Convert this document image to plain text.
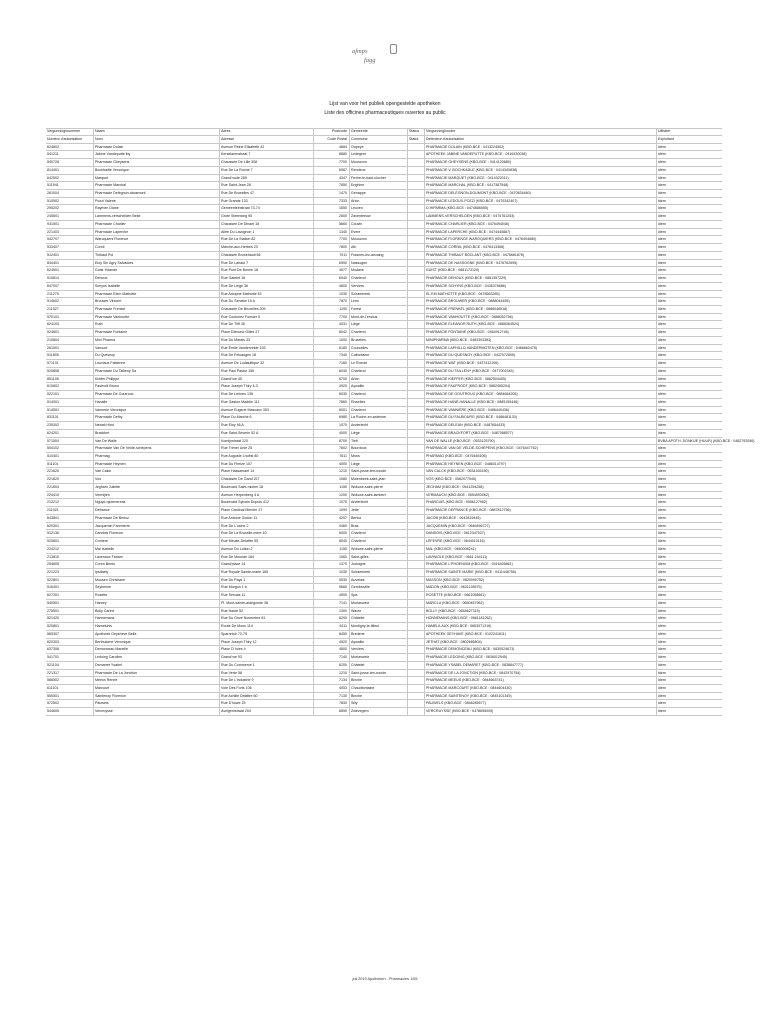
afmps
fagg
Lijst van voor het publiek opengestelde apotheken
Liste des officines pharmaceutiques ouvertes au public
Vergunningsnummer	Naam	Adres	Postcode	Gemeente	Status	Vergunninghouder	Uitbater
Numéro d'autorisation	Nom	Adresse	Code Postal	Commune	Statut	Détenteur d'autorisation	Exploitant
624802	Pharmacie Dolain	Avenue Reine Elisabeth 42	4684	Oupeye	PHARMACIE DOLAIN (KBO-BCE : 0413224502)	idem
541211	Jabine Vandeputte lby	Kerselarenstraat 7	8880	Ledegem	APOTHEEK JABINE VANDEPUTTE (KBO-BCE : 0416430038)	idem
540726	Pharmacie Gheysens	Chaussée De Lille 308	7700	Mouscron	PHARMACIE GHEYSENS (KBO-BCE : 0414120880)	idem
814401	Bochkadle Veronique	Rue De La Roche 7	6987	Rendeux	PHARMACIE V. BOCHKADLE (KBO-BCE : 0414340838)	idem
642502	Marquet	Grand'route 289	4347	Fexhe-le-haut-clocher	PHARMACIE MARQUET (KBO-BCE : 0414322011)	idem
511941	Pharmacie Marchal	Rue Saint-Jean 28	7850	Enghien	PHARMACIE MARCHAL (KBO-BCE : 0417387548)	idem
261004	Pharmacie Delégnon-dausmont	Rue De Bruxelles 47	1470	Genappe	PHARMACIE DELÉGNON-DOUMONT (KBO-BCE : 0470834460)	idem
510502	Pozzi Valerie	Rue Grande 133	7333	Arlon	PHARMACIE LEDOUX-POZZI (KBO-BCE : 0470342407)	idem
295202	Raymen Diane	Gemeenteinstraat 73-74	1650	Leuven	D.HIPARMA (KBO-BCE : 0474686065)	idem
245601	Lammens-verschelden Beke	Grote Steenweg 95	2600	Zaventeeuw	LAMMENS-VERSCHELDEN (KBO-BCE : 0475761253)	idem
931501	Pharmacie Charlier	Chaussée De Dinant 15	5660	Couvin	PHARMACIE CHARLIER (KBO-BCE : 0476494046)	idem
221403	Pharmacie Laperche	Allée Du Lavognon 1	1340	Evere	PHARMACIE LAPERCHE (KBO-BCE : 0474445887)	idem
542707	Waroquiers Florence	Rue De La Station 82	7700	Mouscron	PHARMACIE FLORENCE WAROQUIERS (KBO-BCE : 0476494680)	idem
533407	Cornil	Marché-aux-Herbes 23	7800	Ath	PHARMACIE CORNIL (KBO-BCE : 0476413368)	idem
512401	Thibaut Pol	Chaussée Brunehault 56	7011	Frasnes-lez-anvaing	PHARMACIE THIBAUT BOCLANT (KBO-BCE : 0476681878)	idem
834401	Eloy Sin Agry Salvadors	Rue De Lahaut 7	6950	Nassogne	PHARMACIE DE NASSOGNE (KBO-BCE : 0476762695)	idem
624501	Guist Yolande	Rue Pont De Bonne 18	4577	Modave	GUIST (KBO-BCE : 0881173120)	idem
510814	Dehoux	Rue Gatelet 16	6040	Charleroi	PHARMACIE DEHOUX (KBO-BCE : 0881357229)	idem
647007	Schyns Isabelle	Rue De Liège 36	4800	Verviers	PHARMACIE SCHYNS (KBO-BCE : 0436376686)	idem
211275	Pharmacie Elem Mathotte	Rue Adolphe Mathotte 53	1030	Schaerbeek	EL EM MATHOTTE (KBO-BCE : 0478563285)	idem
514602	Brouwer Vincent	Rue Du Senator 15 A	7870	Lens	PHARMACIE BROUWER (KBO-BCE : 0888044455)	idem
211527	Pharmacie Frenkel	Chaussée De Bruxelles 209	1190	Forest	PHARMACIE FRENKEL (KBO-BCE : 0888048518)	idem
570101	Pharmacie Vanhoutte	Rue Couturiez Fonsier 5	7700	Mont-de-l'enclus	PHARMACIE VANHOUTTE (KBO-BCE : 0888052756)	idem
624103	Ruth	Rue De Tilff 45	4031	Liège	PHARMACIE ELEANOR RUTH (KBO-BCE : 0888364524)	idem
524601	Pharmacie Fontaine	Place Edmond Gilles 27	6042	Charleroi	PHARMACIE FONTAINE (KBO-BCE : 0464912746)	idem
210804	Mini Pharma	Rue Du Marais 33	1000	Bruxelles	MINIPHARMA (KBO-BCE : 0483303383)	idem
261501	Vanoort	Rue Émile Vandervelde 193	6180	Courcelles	PHARMACIE LAPHILLO-VANDERMOTEN (KBO-BCE : 0466660478)	idem
511805	Du Quesnoy	Rue De Feluanges 18	7340	Colfontaine	PHARMACIE DU QUESNOY (KBO-BCE : 0437072805)	idem
571101	Louviaux Fabienne	Avenue De Lodiaultique 32	7160	Le Roeulx	PHARMACIE WAT (KBO-BCE : 0437412106)	idem
520808	Pharmacie Du Tailleny Sa	Rue Paul Pastur 156	6040	Charleroi	PHARMACIE DU TAILLENY (KBO-BCE : 0477002345)	idem
851105	Kieffer Philippe	Grand'rue 45	6700	Arlon	PHARMACIE KIEFFER (KBO-BCE : 0882504405)	idem
610602	Faufrodt Bruno	Place Joseph Thiry 4-3	4920	Aywaille	PHARMACIE FAUFRODT (KBO-BCE : 0882465204)	idem
522101	Pharmacie De Goutroux	Rue De Lerines 136	6030	Charleroi	PHARMACIE DE GOUTROUX (KBO-BCE : 0884664205)	idem
514001	Hanalle	Rue Gaston Maddie 111	7860	Elsselles	PHARMACIE HANÉ-HANALLE (KBO-BCE : 0885155446)	idem
514501	Vannerie Veronique	Avenue Eugene Mascaux 353	6001	Charleroi	PHARMACIE VANNIÈRE (KBO-BCE : 0486440436)	idem
831101	Pharmacie Delby	Place Du Marché 6	6980	La Roche-en-ardenne	PHARMACIE DU FAUBOURG (KBO-BCE : 0486481130)	idem
235302	Nebati Hind	Rue Eloy 46 A	1070	Anderlecht	PHARMACIE DELEAN (KBO-BCE : 0487654433)	idem
624201	Brackfort	Rue Saint-Séverin 52 A	4000	Liège	PHARMACIE BRACKFORT (KBO-BCE : 0487088577)	idem
571504	Van De Walle	Komijnstraat 120	8700	Tielt	VAN DE WALLE (KBO-BCE : 0533125790)	BVBA APOTH. DONKIJE (HUUR) (KBO-BCE : 0462792056)
504102	Pharmacie Van De Velde-schepens	Rue Trimer Unie 25	7602	Bourdous	PHARMACIE VAN DE VELDE-SCHEPENS (KBO-BCE : 0476447762)	idem
510401	Pharmag	Rue Auguste Lhoëst 80	7611	Mons	PHARMAG (KBO-BCE : 0476446106)	idem
511101	Pharmacie Heynen	Rue Du Flerize 107	4000	Liège	PHARMACIE HEYNEN (KBO-BCE : 0486014797)	idem
221620	Van Calck	Place Hassamant 14	1210	Saint-josse-ten-noode	VAN CALCK (KBO-BCE : 0534165150)	idem
221620	Vos	Chaussée De Gand 227	1080	Molenbeek-saint-jean	VOS (KBO-BCE : 0562077545)	idem
221604	Jegham Juliette	Boulevard Saint-michel 18	1150	Woluwe-saint-pierre	JEGHAM (KBO-BCE : 0541254258)	idem
224410	Vermijlen	Avenue Herpenberg 4 A	1200	Woluwe-saint-lambert	VERMAUCN (KBO-BCE : 0554593062)	idem
212212	Nguyd-njuemereas	Boulevard Sylvain Dupuis 412	1070	Anderlecht	PHARCUIS (KBO-BCE : 0556127962)	idem
211021	Defrance	Place Cardinal Mercier 27	1090	Jette	PHARMACIE DEFRANCE (KBO-BCE : 0887812756)	idem
643801	Pharmacie De Berloz	Rue Antoine Godon 11	4257	Berloz	JACOB (KBO-BCE : 0642819445)	idem
620301	Jacquemin Fanrnierre	Rue De L'usine 2	4460	Bras	JACQUEMIN (KBO-BCE : 0646456727)	idem
512136	Dandois Florence	Rue De La Bruxelle-mère 10	6000	Charleroi	DANDOIS (KBO-BCE : 0612347037)	idem
520801	Corriere	Rue Meuse-Delattre 55	6040	Charleroi	LEFEVRE (KBO-BCE : 0644010116)	idem
224212	Mal Isabelle	Avenue Du Lotion 2	1150	Woluwe-saint-pierre	MAL (KBO-BCE : 0660008241)	idem
213810	Lavenaux Fanam	Rue De Mosnan 184	1060	Saint-gilles	LAVINIOLE (KBO-BCE : 0661.244111)	idem
254605	Cornn Bento	Grand'place 14	1370	Jodoigne	PHARMACIE L'PHOENIXM (KBO-BCE : 0416405861)	idem
221223	Ipsifaely	Rue Royale Sainte-marie 165	1030	Schaerbeek	PHARMACIE SAINTE MARIE (KBO-BCE : 0411446756)	idem
522801	Mousen Christiane	Rue Du Pays 1	5530	Auvelais	MASSON (KBO-BCE : 0620090752)	idem
516401	Seybenne	Rue Morgon 1 b	5660	Gembloville	MADON (KBO-BCE : 0631128575)	idem
627301	Rosette	Rue Servais 11	4900	Spa	ROSETTE (KBO-BCE : 0661058661)	idem
540501	Hanrey	Pl. Mont-sainte-aldegonde 38	7141	Morlanwelz	MARCLU (KBO-BCE : 0650457962)	idem
275501	Bolly Carine	Rue Haute 52	1300	Wavre	BOLLY (KBO-BCE : 0654627315)	idem
521420	Hannemans	Rue Du Onze Novembre 81	6200	Châtelet	HONNEMANS (KBO-BCE : 0661181262)	idem
520801	Hameluhis	Route De Mons 114	6111	Montigny-le-tilleul	HAMELILAUX (KBO-BCE : 0663071316)	idem
565307	Apotheek Geysheve Bella	Sparretoir 73-75	8450	Bredene	APOTHEEK GEYHAVE (KBO-BCE : 0102241611)	idem
620303	Berthulome Veronique	Place Joseph Thiry 12	4920	Aywaille	JETHAT (KBO-BCE : 0802685804)	idem
637308	Demonceau Marielle	Place D' Isles 4	4800	Verviers	PHARMACIE DEMONCEAU (KBO-BCE : 0830024673)	idem
541701	Ledoing Caroline	Grand'rue 93	7140	Morlanwelz	PHARMACIE LEDOING (KBO-BCE : 0836012945)	idem
521104	Demarret Ysabel	Rue Du Commerce 1	6200	Châtelet	PHARMACIE YSABEL DEMARET (KBO-BCE : 0838847777)	idem
221317	Pharmacie De La Jonction	Rue Verte 58	1210	Saint-josse-ten-noode	PHARMACIE DE LA JONCTION (KBO-BCE : 0842970754)	idem
566502	Meeus Renee	Rue De L'industrie 9	7134	Binche	PHARMACIE MEEUS (KBO-BCE : 0844663741)	idem
611101	Marcourt	Voie Des Forts 106	4053	Chaudfontaine	PHARMACIE MARCOURT (KBO-BCE : 0844604430)	idem
550501	Saintenoy Florence	Rue Achille Delattre 60	7130	Binche	PHARMACIE SAINTENOY (KBO-BCE : 0845101345)	idem
572502	Pauwels	Rue D'howe 25	7830	Silly	PAUWELS (KBO-BCE : 0846285577)	idem
544605	Vercruysse	Avelgemstraat 204	8550	Zwevegem	VERCRUYSSE (KBO-BCE : 0478655005)	idem
juli 2019 Apotheken - Pharmacies 1/65
